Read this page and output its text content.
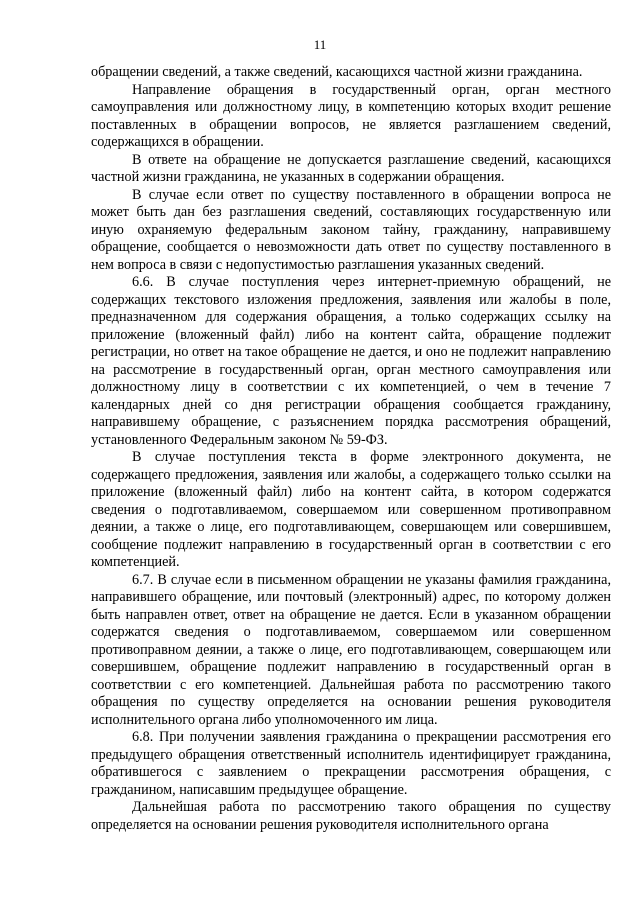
11

обращении сведений, а также сведений, касающихся частной жизни гражданина.

Направление обращения в государственный орган, орган местного самоуправления или должностному лицу, в компетенцию которых входит решение поставленных в обращении вопросов, не является разглашением сведений, содержащихся в обращении.

В ответе на обращение не допускается разглашение сведений, касающихся частной жизни гражданина, не указанных в содержании обращения.

В случае если ответ по существу поставленного в обращении вопроса не может быть дан без разглашения сведений, составляющих государственную или иную охраняемую федеральным законом тайну, гражданину, направившему обращение, сообщается о невозможности дать ответ по существу поставленного в нем вопроса в связи с недопустимостью разглашения указанных сведений.

6.6. В случае поступления через интернет-приемную обращений, не содержащих текстового изложения предложения, заявления или жалобы в поле, предназначенном для содержания обращения, а только содержащих ссылку на приложение (вложенный файл) либо на контент сайта, обращение подлежит регистрации, но ответ на такое обращение не дается, и оно не подлежит направлению на рассмотрение в государственный орган, орган местного самоуправления или должностному лицу в соответствии с их компетенцией, о чем в течение 7 календарных дней со дня регистрации обращения сообщается гражданину, направившему обращение, с разъяснением порядка рассмотрения обращений, установленного Федеральным законом № 59-ФЗ.

В случае поступления текста в форме электронного документа, не содержащего предложения, заявления или жалобы, а содержащего только ссылки на приложение (вложенный файл) либо на контент сайта, в котором содержатся сведения о подготавливаемом, совершаемом или совершенном противоправном деянии, а также о лице, его подготавливающем, совершающем или совершившем, сообщение подлежит направлению в государственный орган в соответствии с его компетенцией.

6.7. В случае если в письменном обращении не указаны фамилия гражданина, направившего обращение, или почтовый (электронный) адрес, по которому должен быть направлен ответ, ответ на обращение не дается. Если в указанном обращении содержатся сведения о подготавливаемом, совершаемом или совершенном противоправном деянии, а также о лице, его подготавливающем, совершающем или совершившем, обращение подлежит направлению в государственный орган в соответствии с его компетенцией. Дальнейшая работа по рассмотрению такого обращения по существу определяется на основании решения руководителя исполнительного органа либо уполномоченного им лица.

6.8. При получении заявления гражданина о прекращении рассмотрения его предыдущего обращения ответственный исполнитель идентифицирует гражданина, обратившегося с заявлением о прекращении рассмотрения обращения, с гражданином, написавшим предыдущее обращение.

Дальнейшая работа по рассмотрению такого обращения по существу определяется на основании решения руководителя исполнительного органа
